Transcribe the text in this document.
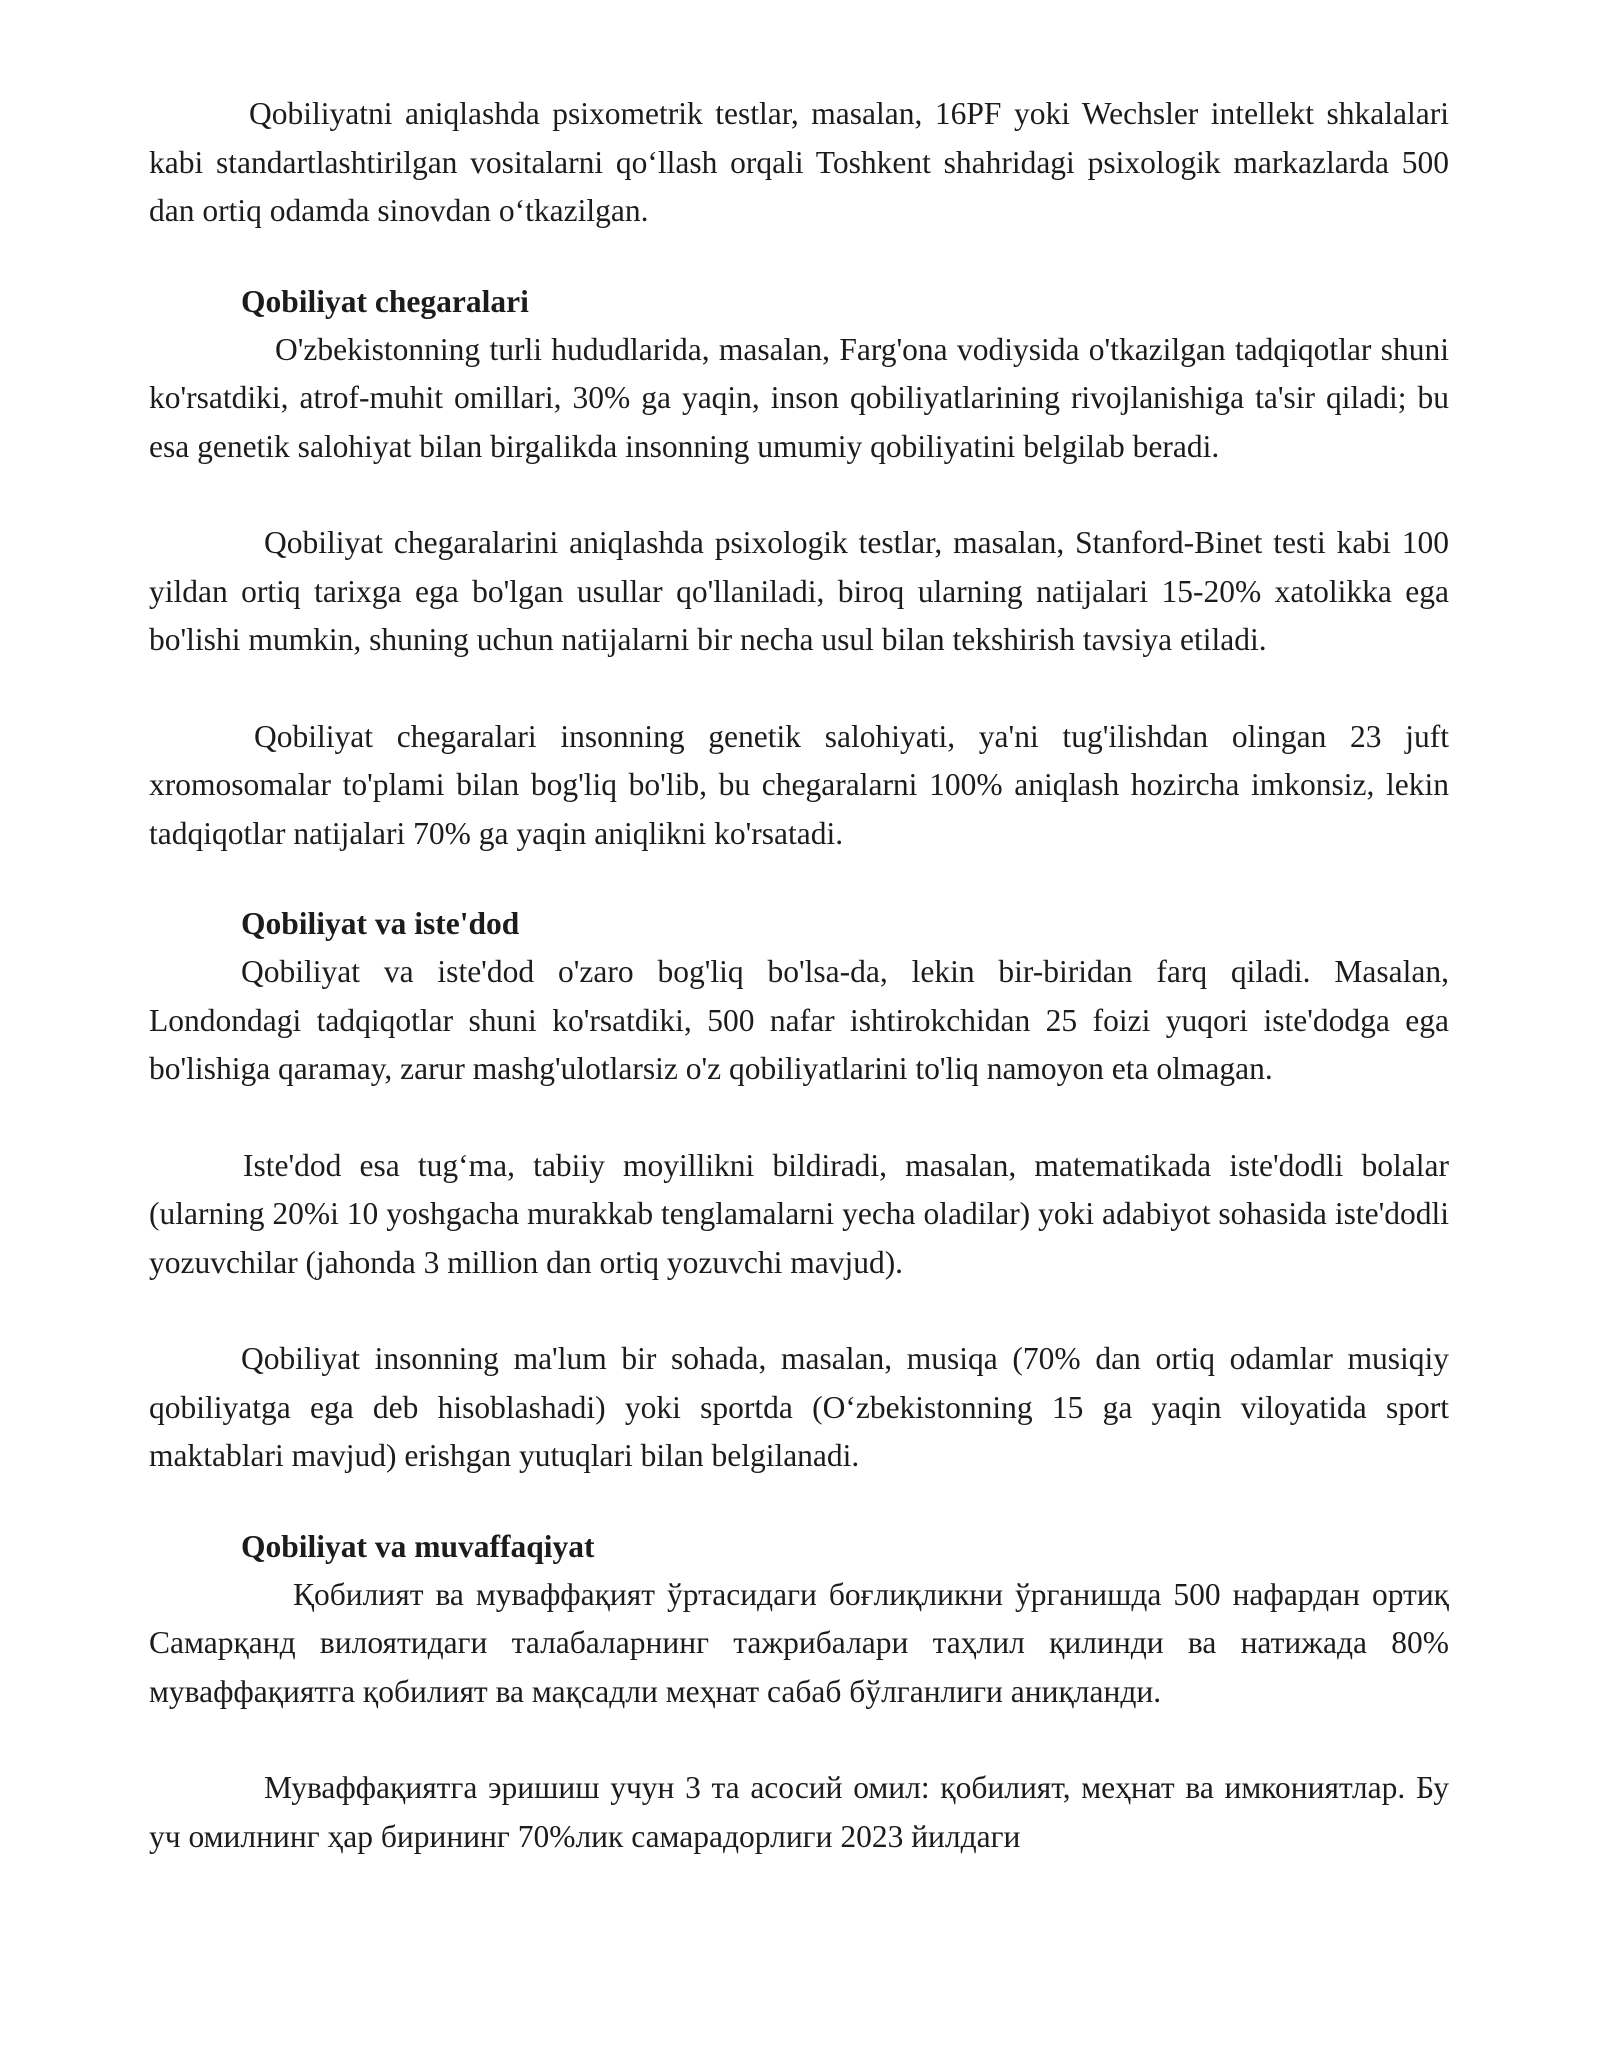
Qobiliyatni aniqlashda psixometrik testlar, masalan, 16PF yoki Wechsler intellekt shkalalari kabi standartlashtirilgan vositalarni qo‘llash orqali Toshkent shahridagi psixologik markazlarda 500 dan ortiq odamda sinovdan o‘tkazilgan.

Qobiliyat chegaralari

O'zbekistonning turli hududlarida, masalan, Farg'ona vodiysida o'tkazilgan tadqiqotlar shuni ko'rsatdiki, atrof-muhit omillari, 30% ga yaqin, inson qobiliyatlarining rivojlanishiga ta'sir qiladi; bu esa genetik salohiyat bilan birgalikda insonning umumiy qobiliyatini belgilab beradi.

Qobiliyat chegaralarini aniqlashda psixologik testlar, masalan, Stanford-Binet testi kabi 100 yildan ortiq tarixga ega bo'lgan usullar qo'llaniladi, biroq ularning natijalari 15-20% xatolikka ega bo'lishi mumkin, shuning uchun natijalarni bir necha usul bilan tekshirish tavsiya etiladi.

Qobiliyat chegaralari insonning genetik salohiyati, ya'ni tug'ilishdan olingan 23 juft xromosomalar to'plami bilan bog'liq bo'lib, bu chegaralarni 100% aniqlash hozircha imkonsiz, lekin tadqiqotlar natijalari 70% ga yaqin aniqlikni ko'rsatadi.

Qobiliyat va iste'dod

Qobiliyat va iste'dod o'zaro bog'liq bo'lsa-da, lekin bir-biridan farq qiladi. Masalan, Londondagi tadqiqotlar shuni ko'rsatdiki, 500 nafar ishtirokchidan 25 foizi yuqori iste'dodga ega bo'lishiga qaramay, zarur mashg'ulotlarsiz o'z qobiliyatlarini to'liq namoyon eta olmagan.

Iste'dod esa tug‘ma, tabiiy moyillikni bildiradi, masalan, matematikada iste'dodli bolalar (ularning 20%i 10 yoshgacha murakkab tenglamalarni yecha oladilar) yoki adabiyot sohasida iste'dodli yozuvchilar (jahonda 3 million dan ortiq yozuvchi mavjud).

Qobiliyat insonning ma'lum bir sohada, masalan, musiqa (70% dan ortiq odamlar musiqiy qobiliyatga ega deb hisoblashadi) yoki sportda (O‘zbekistonning 15 ga yaqin viloyatida sport maktablari mavjud) erishgan yutuqlari bilan belgilanadi.

Qobiliyat va muvaffaqiyat

Қобилият ва муваффақият ўртасидаги боғлиқликни ўрганишда 500 нафардан ортиқ Самарқанд вилоятидаги талабаларнинг тажрибалари таҳлил қилинди ва натижада 80% муваффақиятга қобилият ва мақсадли меҳнат сабаб бўлганлиги аниқланди.

Муваффақиятга эришиш учун 3 та асосий омил: қобилият, меҳнат ва имкониятлар. Бу уч омилнинг ҳар бирининг 70%лик самарадорлиги 2023 йилдаги
